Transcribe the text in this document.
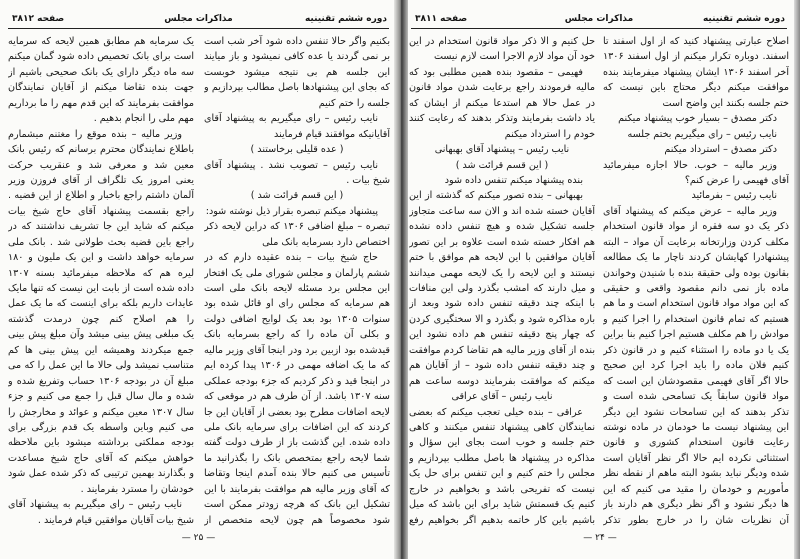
دوره ششم تقنینیه
مذاکرات مجلس
صفحه ۳۸۱۲
بکنیم واگر حالا تنفس داده شود آخر شب است
بر نمی گردند یا عده کافی نمیشود و باز میایند
این جلسه هم بی نتیجه میشود خوبست
که بجای این پیشنهادها باصل مطالب بپردازیم و
جلسه را ختم کنیم
نایب رئیس – رای میگیریم به پیشنهاد آقای
آقایانیکه موافقند قیام فرمایند
( عده قلیلی برخاستند )
نایب رئیس – تصویب نشد . پیشنهاد آقای
شیخ بیات .
( این قسم قرائت شد )
پیشنهاد میکنم تبصره بقرار ذیل نوشته شود:
تبصره – مبلغ اضافی ۱۳۰۶ که دراین لایحه ذکر
اختصاص دارد بسرمایه بانک ملی
حاج شیخ بیات – بنده عقیده دارم که در
ششم پارلمان و مجلس شورای ملی یک افتخار
این مجلس برد مسئله لایحه بانک ملی است
هم سرمایه که مجلس رای او قائل شده بود
سنوات ۱۳۰۵ بود بعد یک لوایح اضافی دولت
و بکلی آن ماده را که راجع بسرمایه بانک
قیدشده بود ازبین برد ودر اینجا آقای وزیر مالیه
که ما یک اضافه مهمی در ۱۳۰۶ پیدا کرده ایم
در اینجا قید و ذکر کردیم که جزء بودجه عملکی
سنه ۱۳۰۷ باشد. از آن طرف هم در موقعی که
لایحه اضافات مطرح بود بعضی از آقایان این جا
کردند که این اضافات برای سرمایه بانک ملی
داده شده. این گذشت باز از طرف دولت گفته
شما لایحه راجع بمتخصص بانک را بگذرانید ما
تأسیس می کنیم حالا بنده آمدم اینجا وتقاضا
که آقای وزیر مالیه هم موافقت بفرمایند با این
تشکیل این بانک که هرچه زودتر ممکن است
شود مخصوصاً هم چون لایحه متخصص از
یک سرمایه هم مطابق همین لایحه که سرمایه
است برای بانک تخصیص داده شود گمان میکنم
سه ماه دیگر دارای یک بانک صحیحی باشیم از
جهت بنده تقاضا میکنم از آقایان نمایندگان
موافقت بفرمایند که این قدم مهم را ما برداریم
مهم ملی را انجام بدهیم .
وزیر مالیه – بنده موقع را مغتنم میشمارم
باطلاع نمایندگان محترم برسانم که رئیس بانک
معین شد و معرفی شد و عنقریب حرکت
یعنی امروز یک تلگراف از آقای فروزن وزیر
آلمان داشتم راجع باخبار و اطلاع از این قضیه .
راجع بقسمت پیشنهاد آقای حاج شیخ بیات
میکنم که شاید این جا تشریف نداشتند که در
راجع باین قضیه بحث طولانی شد . بانک ملی
سرمایه خواهد داشت و این یک ملیون و ۱۸۰
لیره هم که ملاحظه میفرمائید بسنه ۱۳۰۷
داده شده است از بابت این نیست که تنها مایک
عایدات داریم بلکه برای اینست که ما یک عمل
را هم اصلاح کنم چون درمدت گذشته
یک مبلغی پیش بینی میشد وآن مبلغ پیش بینی
جمع میکردند وهمیشه این پیش بینی ها کم
متناسب نمیشد ولی حالا ما این عمل را که می
مبلغ آن در بودجه ۱۳۰۶ حساب وتفریغ شده و
شده و مال سال قبل را جمع می کنیم و جزء
سال ۱۳۰۷ معین میکنم و عوائد و مخارجش را
می کنیم وباین واسطه یک قدم بزرگی برای
بودجه مملکتی برداشته میشود باین ملاحظه
خواهش میکنم که آقای حاج شیخ مساعدت
و بگذارند بهمین ترتیبی که ذکر شده عمل شود
خودشان را مسترد بفرمایند .
نایب رئیس – رای میگیریم به پیشنهاد آقای
شیخ بیات آقایان موافقین قیام فرمایند .
— ۲۵ —
دوره ششم تقنینیه
مذاکرات مجلس
صفحه ۳۸۱۱
اصلاح عبارتی پیشنهاد کنید که از اول اسفند تا
اسفند. دوباره تکرار میکنم از اول اسفند ۱۳۰۶
آخر اسفند ۱۳۰۶ ایشان پیشنهاد میفرمایند بنده
موافقت میکنم دیگر محتاج باین نیست که
ختم جلسه بکنند این واضح است
دکتر مصدق – بسیار خوب پیشنهاد میکنم
نایب رئیس – رای میگیریم بختم جلسه
دکتر مصدق – استرداد میکنم
وزیر مالیه – خوب. حالا اجازه میفرمائید
آقای فهیمی را عرض کنم؟
نایب رئیس – بفرمائید
وزیر مالیه – عرض میکنم که پیشنهاد آقای
ذکر یک دو سه فقره از مواد قانون استخدام
مکلف کردن وزارتخانه برعایت آن مواد – البته
پیشنهادرا کهایشان کردند ناچار ما یک مطالعه
بقانون بوده ولی حقیقة بنده با شنیدن وخواندن
ماده باز نمی دانم مقصود واقعی و حقیقی
که این مواد مواد قانون استخدام است و ما هم
هستیم که تمام قانون استخدام را اجرا کنیم و
موادش را هم مکلف هستیم اجرا کنیم بنا براین
یک یا دو ماده را استثناء کنیم و در قانون ذکر
کنیم فلان ماده را باید اجرا کرد این صحیح
حالا اگر آقای فهیمی مقصودشان این است که
مواد قانون سابقاً یک تسامحی شده است و
تذکر بدهند که این تسامحات نشود این دیگر
این پیشنهاد نیست ما خودمان در ماده نوشته
رعایت قانون استخدام کشوری و قانون
استثنائی نکرده ایم حالا اگر نظر آقایان است
شده ودیگر نباید بشود البته ماهم از نقطه نظر
مأموریم و خودمان را مقید می کنیم که این
ها دیگر نشود و اگر نظر دیگری هم دارند باز
آن نظریات شان را در خارج بطور تذکر
حل کنیم و الا ذکر مواد قانون استخدام در این
خود آن مواد لازم الاجرا است لازم نیست
فهیمی – مقصود بنده همین مطلبی بود که
مالیه فرمودند راجع برعایت شدن مواد قانون
در عمل حالا هم استدعا میکنم از ایشان که
یاد داشت بفرمایند وتذکر بدهند که رعایت کنند
خودم را استرداد میکنم
نایب رئیس – پیشنهاد آقای بهبهانی
( این قسم قرائت شد )
بنده پیشنهاد میکنم تنفس داده شود
بهبهانی – بنده تصور میکنم که گذشته از این
آقایان خسته شده اند و الان سه ساعت متجاوز
جلسه تشکیل شده و هیچ تنفس داده نشده
هم افکار خسته شده است علاوه بر این تصور
آقایان موافقین با این لایحه هم موافق با ختم
نیستند و این لایحه را یک لایحه مهمی میدانند
و میل دارند که امشب بگذرد ولی این منافات
با اینکه چند دقیقه تنفس داده شود وبعد از
باره مذاکره شود و بگذرد و الا سختگیری کردن
که چهار پنج دقیقه تنفس هم داده نشود این
بنده از آقای وزیر مالیه هم تقاضا کردم موافقت
و چند دقیقه تنفس داده شود – از آقایان هم
میکنم که موافقت بفرمایند دوسه ساعت هم
نایب رئیس – آقای عراقی
عراقی – بنده خیلی تعجب میکنم که بعضی
نمایندگان کاهی پیشنهاد تنفس میکنند و کاهی
ختم جلسه و خوب است بجای این سؤال و
مذاکره در پیشنهاد ها باصل مطلب بپردازیم و
مجلس را ختم کنیم و این تنفس برای حل یک
نیست که تفریحی باشد و بخواهیم در خارج
کنیم یک قسمتش شاید برای این باشد که میل
باشیم باین کار خاتمه بدهیم اگر بخواهیم رفع
— ۲۴ —
